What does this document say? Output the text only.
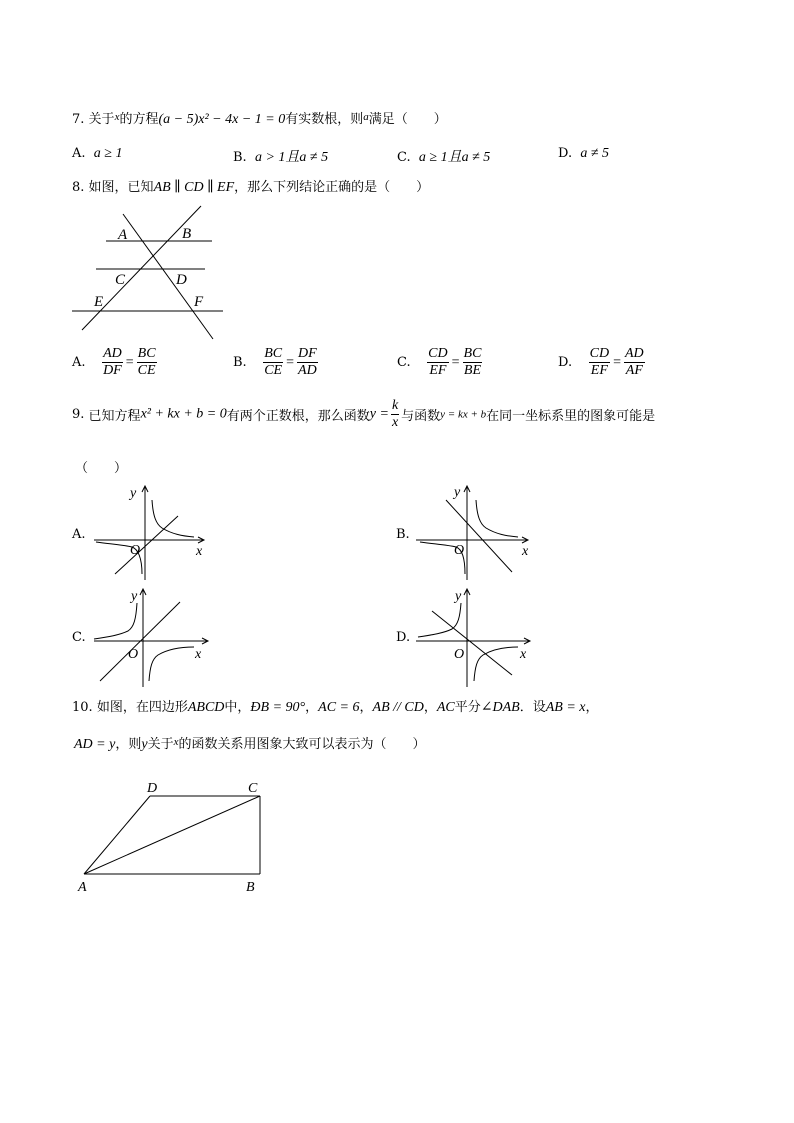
7. 关于$^x$的方程(a − 5)x² − 4x − 1 = 0有实数根，则$^a$满足（　　）
A. a ≥ 1	B. a > 1且a ≠ 5	C. a ≥ 1且a ≠ 5	D. a ≠ 5
8. 如图，已知AB ∥ CD ∥ EF，那么下列结论正确的是（　　）
A	B
C	D
E	F
A. $\frac{AD}{DF} = \frac{BC}{CE}$	B. $\frac{BC}{CE} = \frac{DF}{AD}$	C. $\frac{CD}{EF} = \frac{BC}{BE}$	D. $\frac{CD}{EF} = \frac{AD}{AF}$
9. 已知方程x² + kx + b = 0有两个正数根，那么函数$y = \frac{k}{x}$ 与函数y = kx + b在同一坐标系里的图象可能是
（　　）
A.
y
x
O
B.
y
x
O
C.
y
x
O
D.
y
x
O
10. 如图，在四边形ABCD中，ÐB = 90°，AC = 6，AB // CD，AC平分∠DAB．设AB = x，
AD = y，则y关于$^x$的函数关系用图象大致可以表示为（　　）
D	C
A	B
